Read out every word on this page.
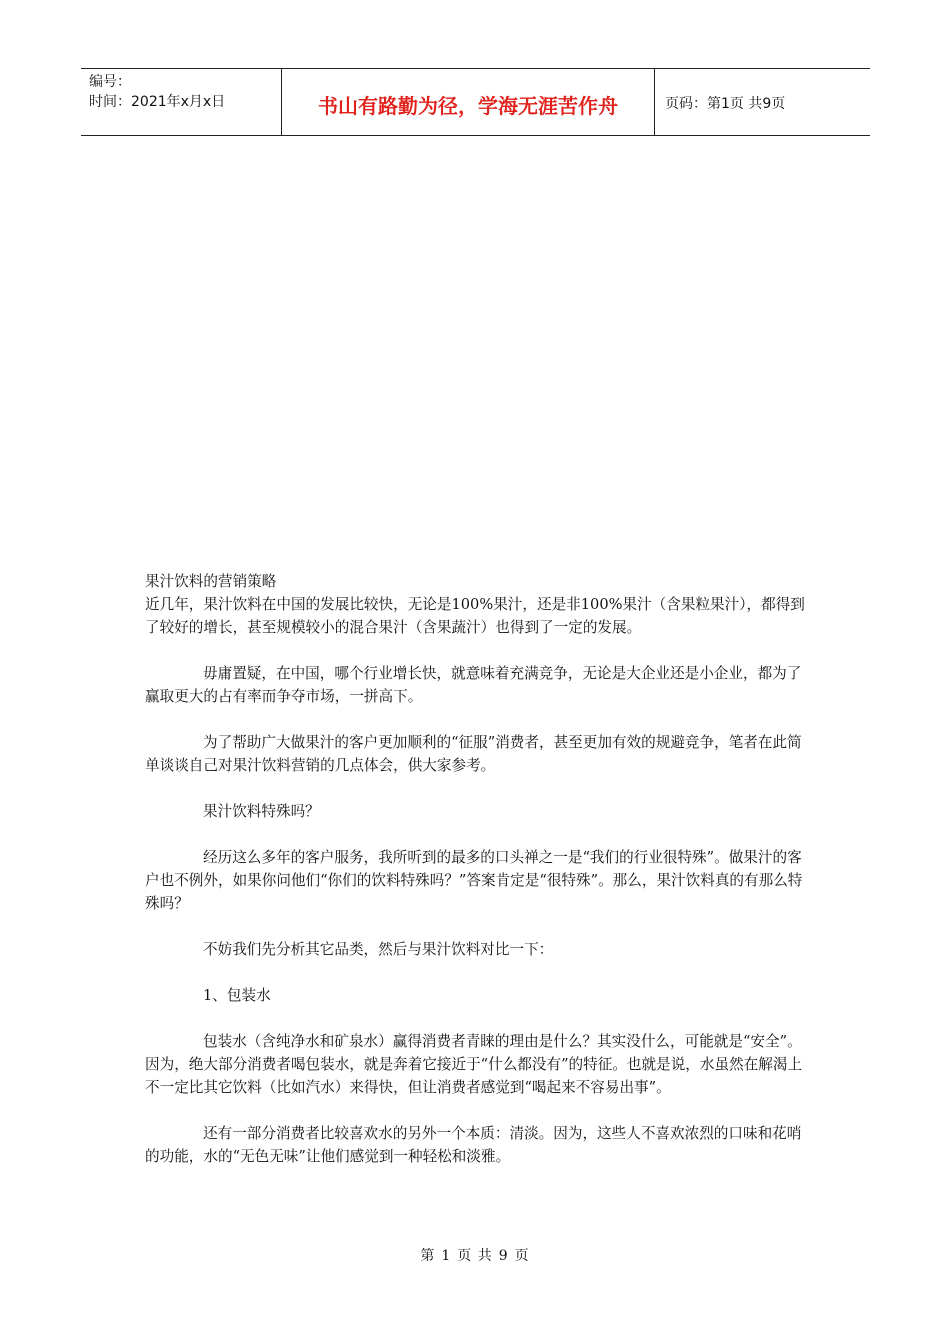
编号：
时间：2021年x月x日	书山有路勤为径，学海无涯苦作舟	页码：第1页 共9页

果汁饮料的营销策略

近几年，果汁饮料在中国的发展比较快，无论是100%果汁，还是非100%果汁（含果粒果汁），都得到了较好的增长，甚至规模较小的混合果汁（含果蔬汁）也得到了一定的发展。

毋庸置疑，在中国，哪个行业增长快，就意味着充满竞争，无论是大企业还是小企业，都为了赢取更大的占有率而争夺市场，一拼高下。

为了帮助广大做果汁的客户更加顺利的“征服”消费者，甚至更加有效的规避竞争，笔者在此简单谈谈自己对果汁饮料营销的几点体会，供大家参考。

果汁饮料特殊吗？

经历这么多年的客户服务，我所听到的最多的口头禅之一是“我们的行业很特殊”。做果汁的客户也不例外，如果你问他们“你们的饮料特殊吗？”答案肯定是“很特殊”。那么，果汁饮料真的有那么特殊吗？

不妨我们先分析其它品类，然后与果汁饮料对比一下：

1、包装水

包装水（含纯净水和矿泉水）赢得消费者青睐的理由是什么？其实没什么，可能就是“安全”。因为，绝大部分消费者喝包装水，就是奔着它接近于“什么都没有”的特征。也就是说，水虽然在解渴上不一定比其它饮料（比如汽水）来得快，但让消费者感觉到“喝起来不容易出事”。

还有一部分消费者比较喜欢水的另外一个本质：清淡。因为，这些人不喜欢浓烈的口味和花哨的功能，水的“无色无味”让他们感觉到一种轻松和淡雅。

第 1 页 共 9 页
